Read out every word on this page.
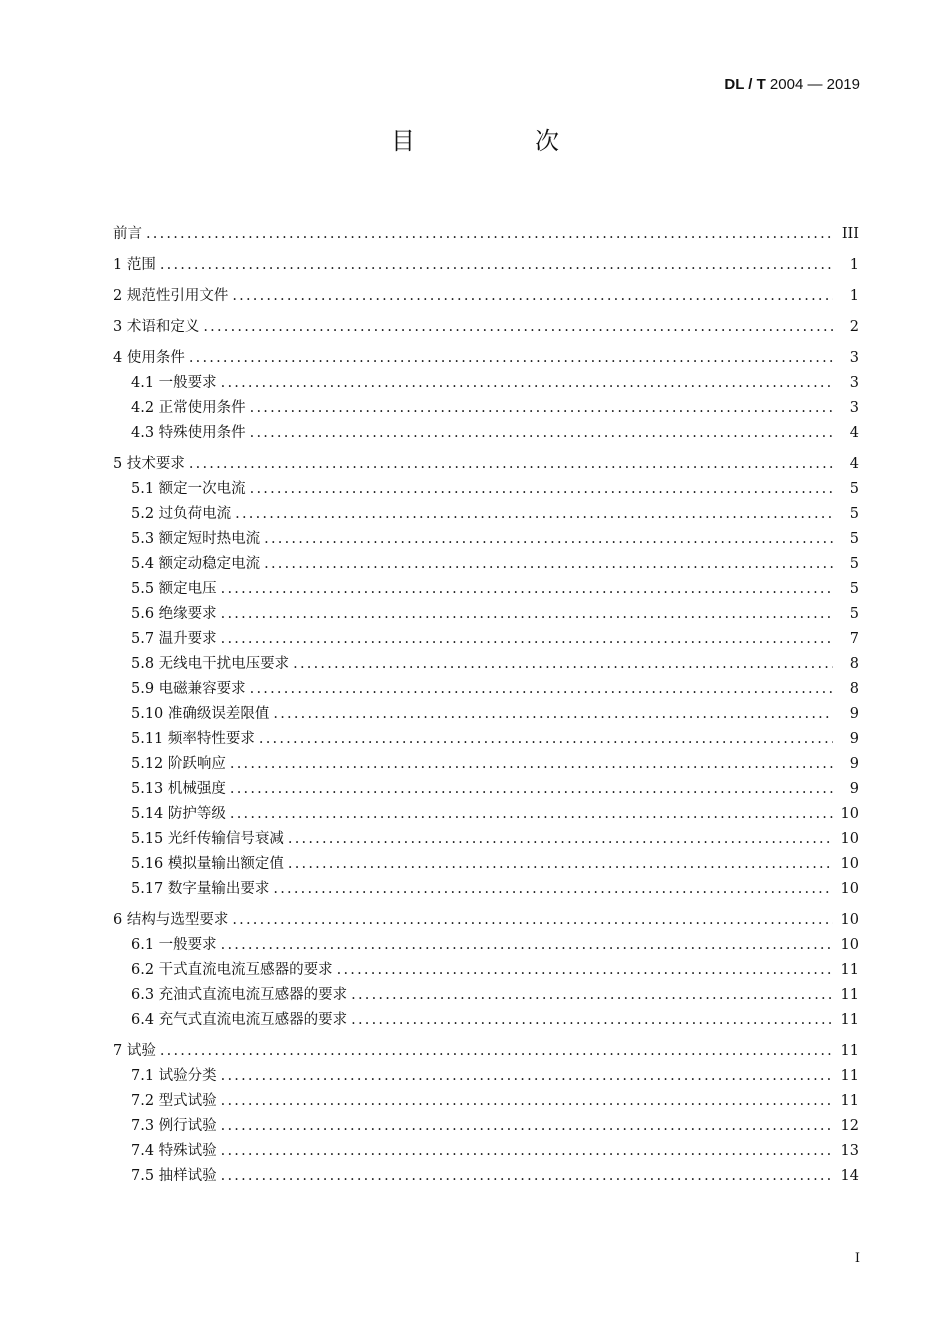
DL / T 2004 — 2019
目　次
前言 .....	III
1 范围 .....	1
2 规范性引用文件 .....	1
3 术语和定义 .....	2
4 使用条件 .....	3
4.1 一般要求 .....	3
4.2 正常使用条件 .....	3
4.3 特殊使用条件 .....	4
5 技术要求 .....	4
5.1 额定一次电流 .....	5
5.2 过负荷电流 .....	5
5.3 额定短时热电流 .....	5
5.4 额定动稳定电流 .....	5
5.5 额定电压 .....	5
5.6 绝缘要求 .....	5
5.7 温升要求 .....	7
5.8 无线电干扰电压要求 .....	8
5.9 电磁兼容要求 .....	8
5.10 准确级误差限值 .....	9
5.11 频率特性要求 .....	9
5.12 阶跃响应 .....	9
5.13 机械强度 .....	9
5.14 防护等级 .....	10
5.15 光纤传输信号衰减 .....	10
5.16 模拟量输出额定值 .....	10
5.17 数字量输出要求 .....	10
6 结构与选型要求 .....	10
6.1 一般要求 .....	10
6.2 干式直流电流互感器的要求 .....	11
6.3 充油式直流电流互感器的要求 .....	11
6.4 充气式直流电流互感器的要求 .....	11
7 试验 .....	11
7.1 试验分类 .....	11
7.2 型式试验 .....	11
7.3 例行试验 .....	12
7.4 特殊试验 .....	13
7.5 抽样试验 .....	14
I
